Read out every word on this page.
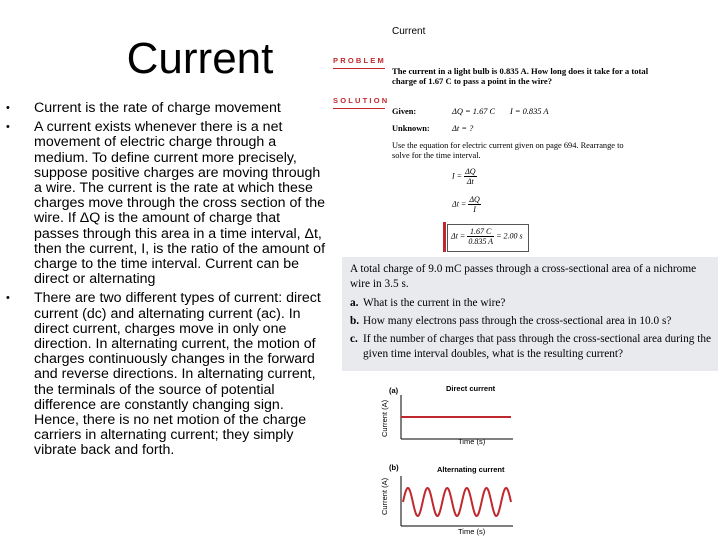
Current
• Current is the rate of charge movement
• A current exists whenever there is a net movement of electric charge through a medium. To define current more precisely, suppose positive charges are moving through a wire. The current is the rate at which these charges move through the cross section of the wire. If ΔQ is the amount of charge that passes through this area in a time interval, Δt, then the current, I, is the ratio of the amount of charge to the time interval. Current can be direct or alternating
• There are two different types of current: direct current (dc) and alternating current (ac). In direct current, charges move in only one direction. In alternating current, the motion of charges continuously changes in the forward and reverse directions. In alternating current, the terminals of the source of potential difference are constantly changing sign. Hence, there is no net motion of the charge carriers in alternating current; they simply vibrate back and forth.
Current
PROBLEM
The current in a light bulb is 0.835 A. How long does it take for a total charge of 1.67 C to pass a point in the wire?
SOLUTION
Given:	ΔQ = 1.67 C I = 0.835 A
Unknown:	Δt = ?
Use the equation for electric current given on page 694. Rearrange to solve for the time interval.
$I = \frac{\Delta Q}{\Delta t}$
$\Delta t = \frac{\Delta Q}{I}$
$\Delta t = \frac{1.67 C}{0.835 A} = 2.00$ s
A total charge of 9.0 mC passes through a cross-sectional area of a nichrome wire in 3.5 s.
a. What is the current in the wire?
b. How many electrons pass through the cross-sectional area in 10.0 s?
c. If the number of charges that pass through the cross-sectional area during the given time interval doubles, what is the resulting current?
(a)	Direct current
Current (A)
Time (s)
(b)	Alternating current
Current (A)
Time (s)
